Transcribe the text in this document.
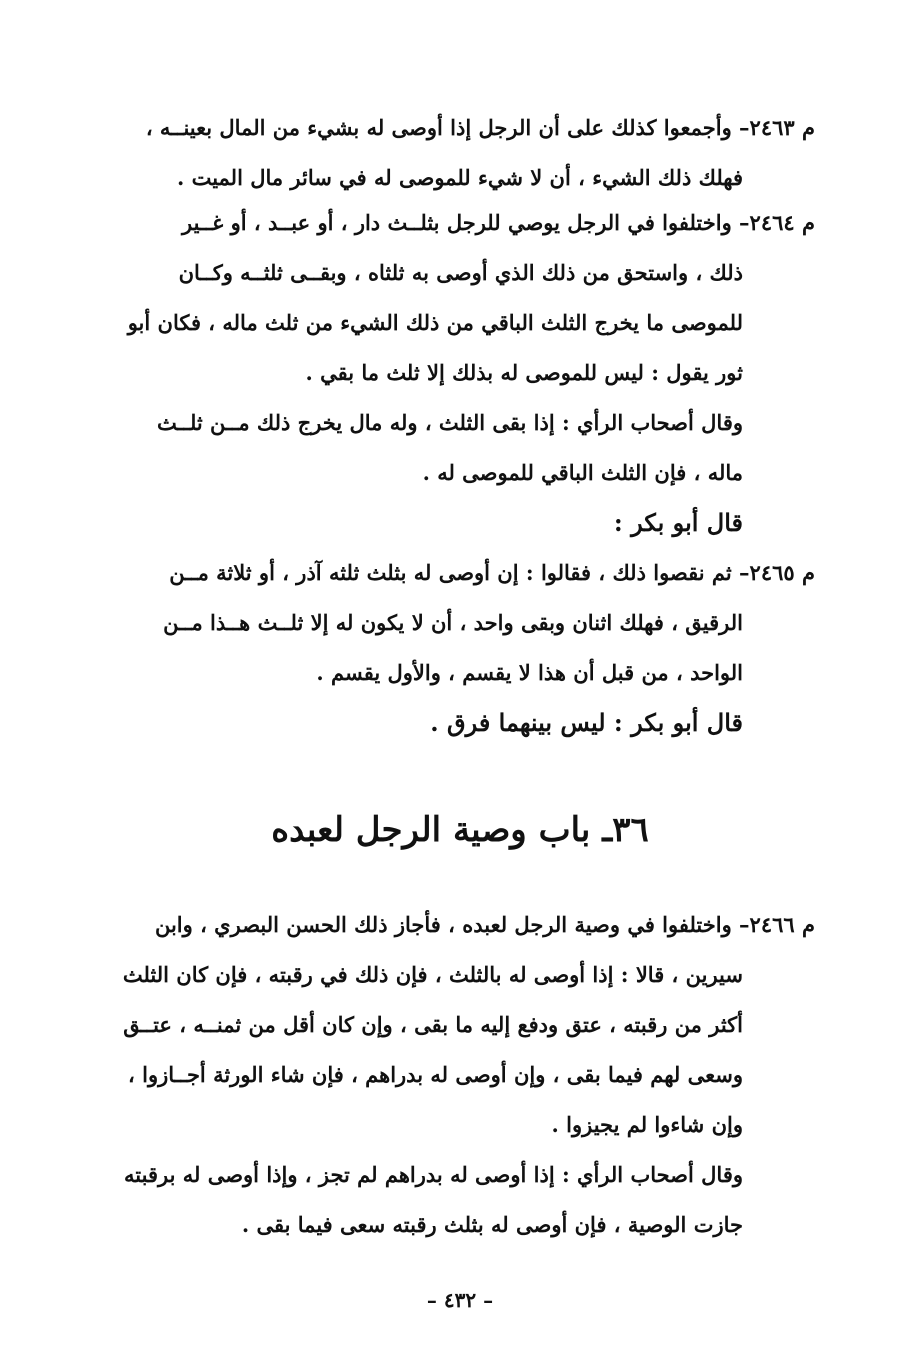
م ٢٤٦٣– وأجمعوا كذلك على أن الرجل إذا أوصى له بشيء من المال بعينــه ،
فهلك ذلك الشيء ، أن لا شيء للموصى له في سائر مال الميت .
م ٢٤٦٤– واختلفوا في الرجل يوصي للرجل بثلــث دار ، أو عبــد ، أو غــير
ذلك ، واستحق من ذلك الذي أوصى به ثلثاه ، وبقــى ثلثــه وكــان
للموصى ما يخرج الثلث الباقي من ذلك الشيء من ثلث ماله ، فكان أبو
ثور يقول : ليس للموصى له بذلك إلا ثلث ما بقي .
وقال أصحاب الرأي : إذا بقى الثلث ، وله مال يخرج ذلك مــن ثلــث
ماله ، فإن الثلث الباقي للموصى له .
قال أبو بكر :
م ٢٤٦٥– ثم نقصوا ذلك ، فقالوا : إن أوصى له بثلث ثلثه آذر ، أو ثلاثة مــن
الرقيق ، فهلك اثنان وبقى واحد ، أن لا يكون له إلا ثلــث هــذا مــن
الواحد ، من قبل أن هذا لا يقسم ، والأول يقسم .
قال أبو بكر : ليس بينهما فرق .
٣٦ـ باب وصية الرجل لعبده
م ٢٤٦٦– واختلفوا في وصية الرجل لعبده ، فأجاز ذلك الحسن البصري ، وابن
سيرين ، قالا : إذا أوصى له بالثلث ، فإن ذلك في رقبته ، فإن كان الثلث
أكثر من رقبته ، عتق ودفع إليه ما بقى ، وإن كان أقل من ثمنــه ، عتــق
وسعى لهم فيما بقى ، وإن أوصى له بدراهم ، فإن شاء الورثة أجــازوا ،
وإن شاءوا لم يجيزوا .
وقال أصحاب الرأي : إذا أوصى له بدراهم لم تجز ، وإذا أوصى له برقبته
جازت الوصية ، فإن أوصى له بثلث رقبته سعى فيما بقى .
– ٤٣٢ –
